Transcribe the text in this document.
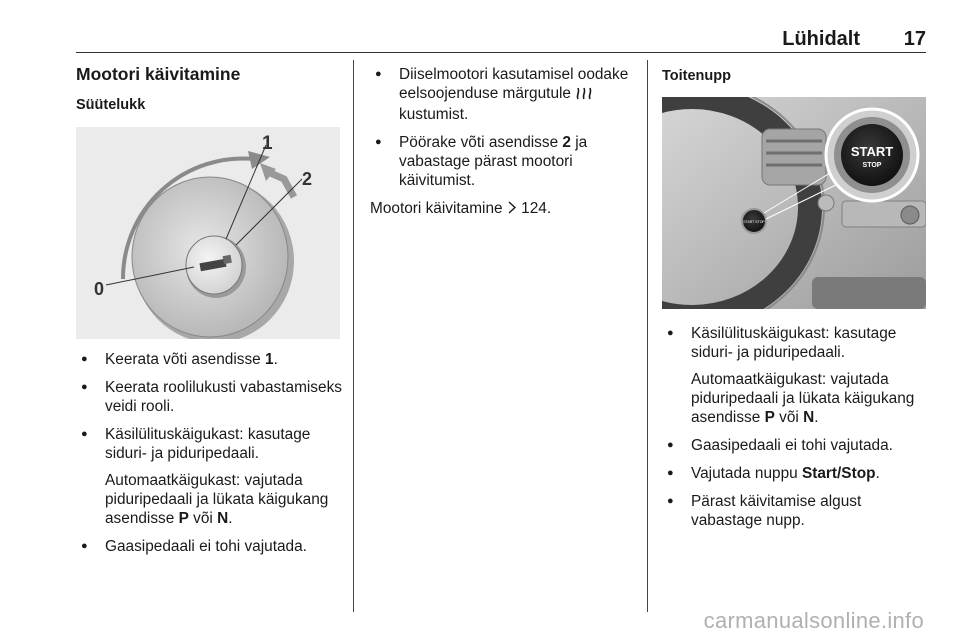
Lühidalt 17
Mootori käivitamine
Süütelukk
0
1
2
● Keerata võti asendisse 1.
● Keerata roolilukusti vabastamiseks veidi rooli.
● Käsilülituskäigukast: kasutage siduri- ja piduripedaali.
Automaatkäigukast: vajutada piduripedaali ja lükata käigukang asendisse P või N.
● Gaasipedaali ei tohi vajutada.
● Diiselmootori kasutamisel oodake eelsoojenduse märgutule  kustumist.
● Pöörake võti asendisse 2 ja vabastage pärast mootori käivitumist.

Mootori käivitamine  124.

Toitenupp
START STOP
START
STOP
● Käsilülituskäigukast: kasutage siduri- ja piduripedaali.
Automaatkäigukast: vajutada piduripedaali ja lükata käigukang asendisse P või N.
● Gaasipedaali ei tohi vajutada.
● Vajutada nuppu Start/Stop.
● Pärast käivitamise algust vabastage nupp.
carmanualsonline.info
